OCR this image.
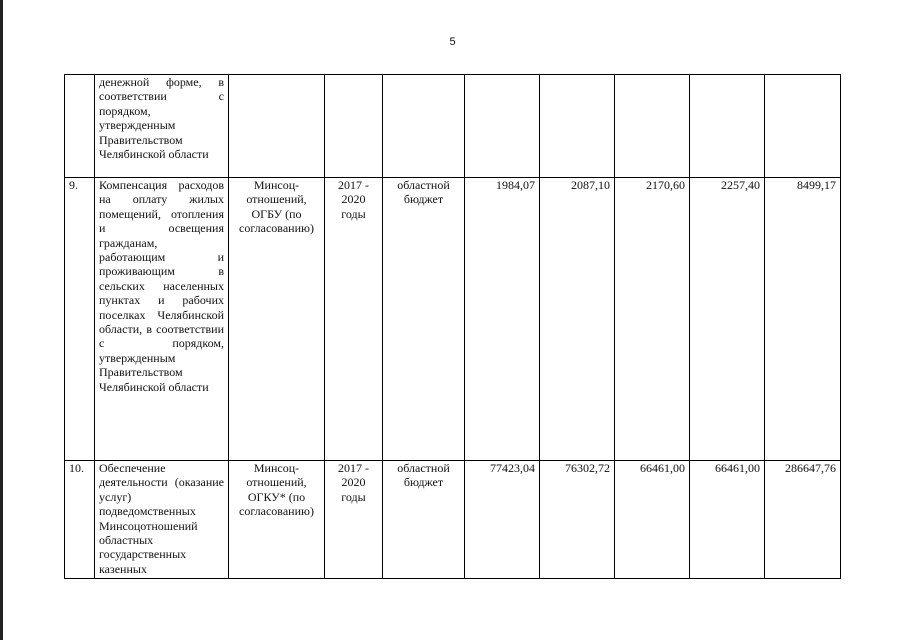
5
	денежной форме, в соответствии с порядком, утвержденным Правительством Челябинской области								
9.	Компенсация расходов на оплату жилых помещений, отопления и освещения гражданам, работающим и проживающим в сельских населенных пунктах и рабочих поселках Челябинской области, в соответствии с порядком, утвержденным Правительством Челябинской области	Минсоц-отношений, ОГБУ (по согласованию)	2017 - 2020 годы	областной бюджет	1984,07	2087,10	2170,60	2257,40	8499,17
10.	Обеспечение деятельности (оказание услуг) подведомственных Минсоцотношений областных государственных казенных	Минсоц-отношений, ОГКУ* (по согласованию)	2017 - 2020 годы	областной бюджет	77423,04	76302,72	66461,00	66461,00	286647,76
